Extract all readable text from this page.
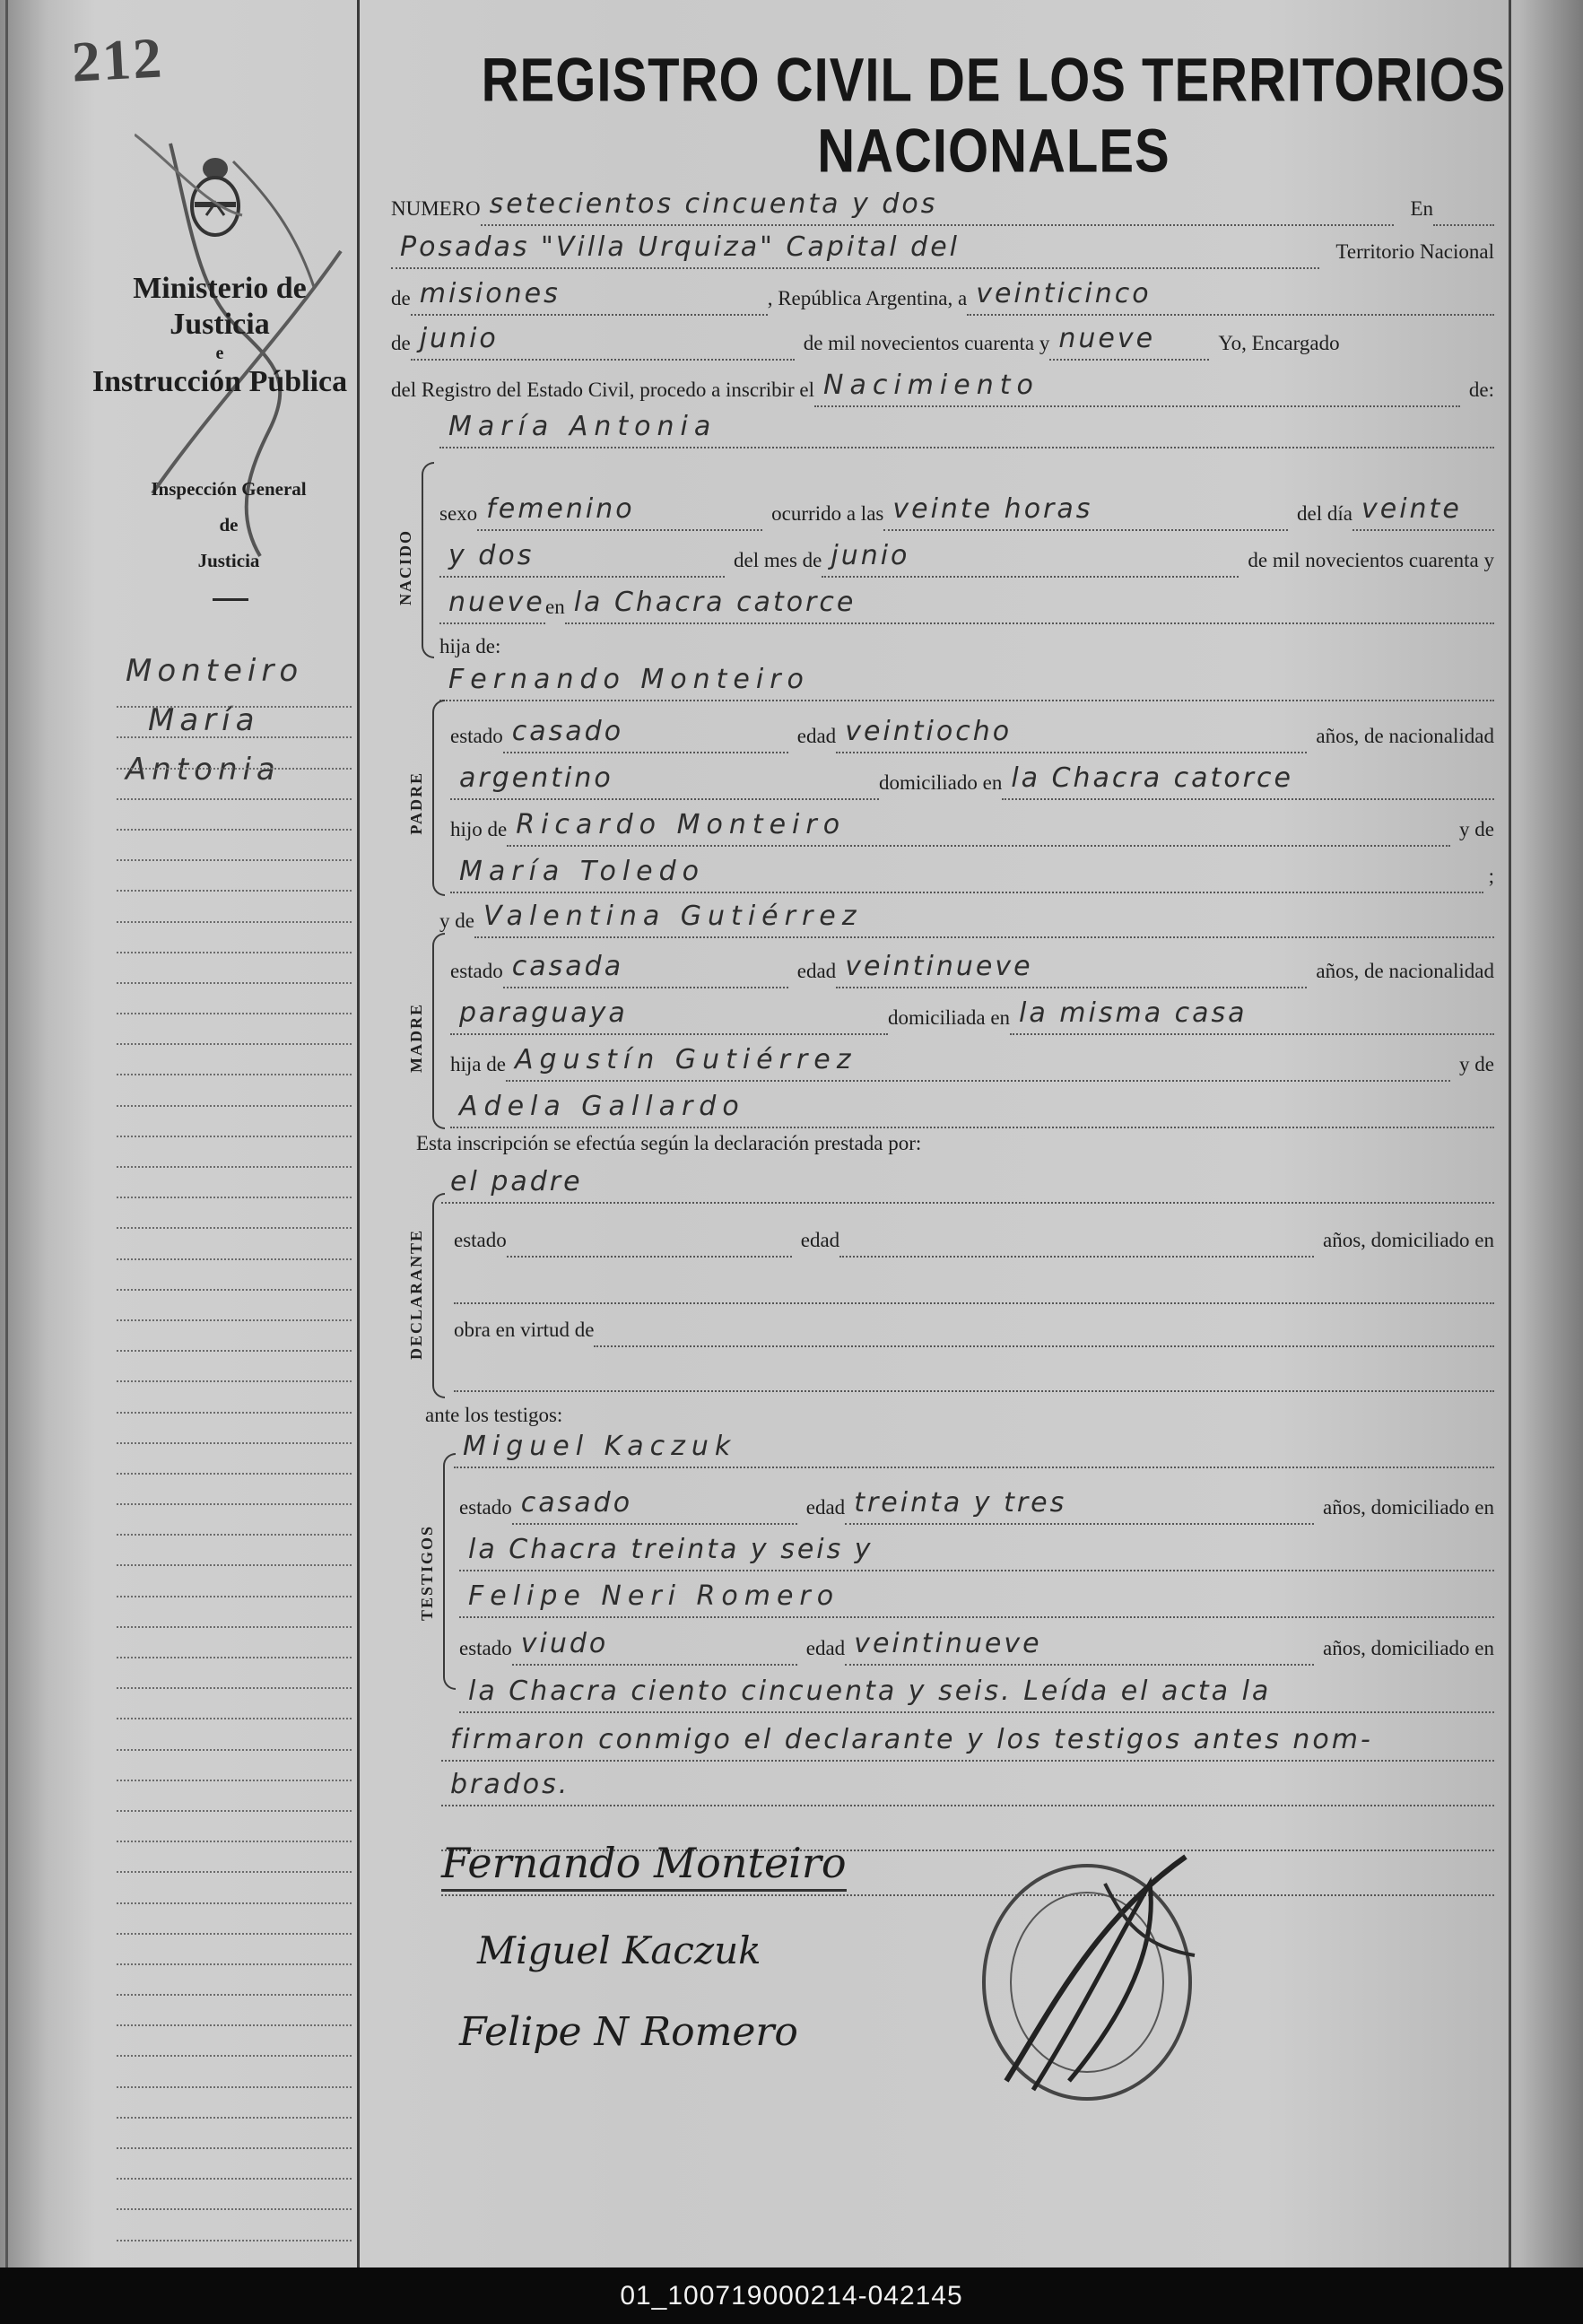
212
Ministerio de Justicia
e
Instrucción Pública
Inspección General
de
Justicia
Monteiro
María
Antonia
REGISTRO CIVIL DE LOS TERRITORIOS NACIONALES
NUMERO setecientos cincuenta y dos	En
Posadas "Villa Urquiza" Capital del	Territorio Nacional
de misiones	, República Argentina, a veinticinco
de junio	de mil novecientos cuarenta y nueve	Yo, Encargado
del Registro del Estado Civil, procedo a inscribir el Nacimiento	de:
María Antonia
NACIDO
sexo femenino	ocurrido a las veinte horas	del día veinte
y dos	del mes de junio	de mil novecientos cuarenta y
nueve en la Chacra catorce
hija de:
Fernando Monteiro
PADRE
estado casado	edad veintiocho	años, de nacionalidad
argentino	domiciliado en la Chacra catorce
hijo de Ricardo Monteiro	y de
María Toledo	;
y de Valentina Gutiérrez
MADRE
estado casada	edad veintinueve	años, de nacionalidad
paraguaya	domiciliada en la misma casa
hija de Agustín Gutiérrez	y de
Adela Gallardo
Esta inscripción se efectúa según la declaración prestada por:
el padre
DECLARANTE estado	edad	años, domiciliado en
obra en virtud de
ante los testigos:
Miguel Kaczuk
TESTIGOS
estado casado	edad treinta y tres	años, domiciliado en
la Chacra treinta y seis y
Felipe Neri Romero
estado viudo	edad veintinueve	años, domiciliado en
la Chacra ciento cincuenta y seis. Leída el acta la
firmaron conmigo el declarante y los testigos antes nom-
brados.
Fernando Monteiro
Miguel Kaczuk
Felipe N Romero
01_100719000214-042145
